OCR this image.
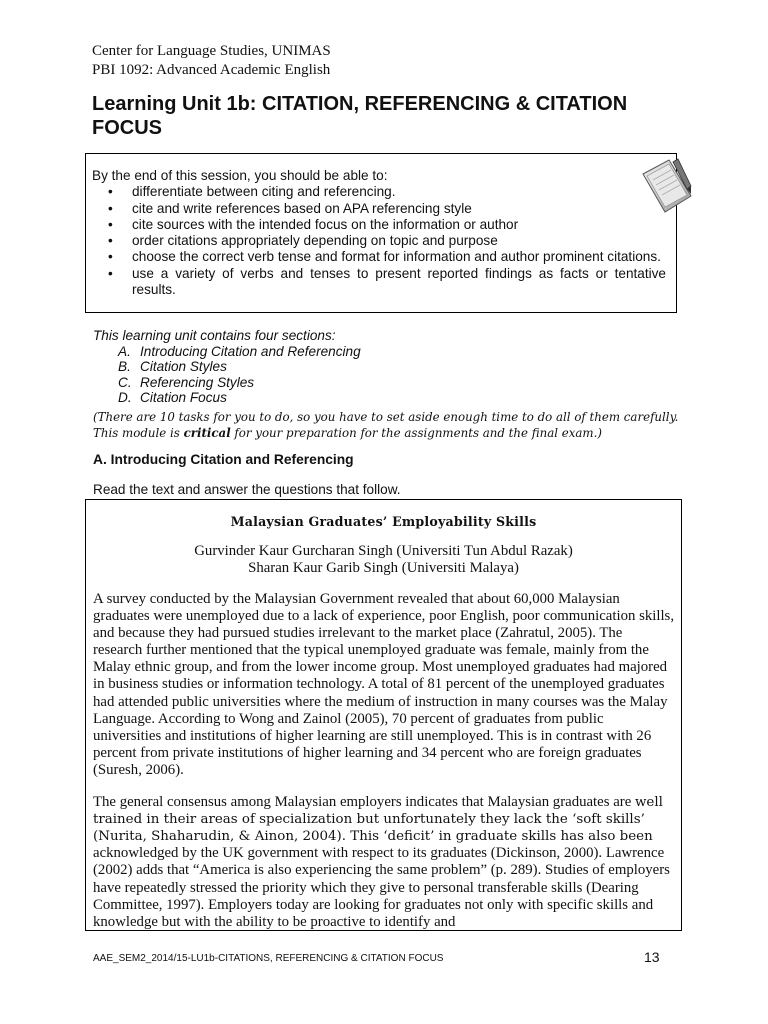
Center for Language Studies, UNIMAS
PBI 1092: Advanced Academic English
Learning Unit 1b: CITATION, REFERENCING & CITATION FOCUS
By the end of this session, you should be able to:
• differentiate between citing and referencing.
• cite and write references based on APA referencing style
• cite sources with the intended focus on the information or author
• order citations appropriately depending on topic and purpose
• choose the correct verb tense and format for information and author prominent citations.
• use a variety of verbs and tenses to present reported findings as facts or tentative results.
This learning unit contains four sections:
A. Introducing Citation and Referencing
B. Citation Styles
C. Referencing Styles
D. Citation Focus
(There are 10 tasks for you to do, so you have to set aside enough time to do all of them carefully.
This module is critical for your preparation for the assignments and the final exam.)
A. Introducing Citation and Referencing
Read the text and answer the questions that follow.
Malaysian Graduates’ Employability Skills
Gurvinder Kaur Gurcharan Singh (Universiti Tun Abdul Razak)
Sharan Kaur Garib Singh (Universiti Malaya)
A survey conducted by the Malaysian Government revealed that about 60,000 Malaysian graduates were unemployed due to a lack of experience, poor English, poor communication skills, and because they had pursued studies irrelevant to the market place (Zahratul, 2005). The research further mentioned that the typical unemployed graduate was female, mainly from the Malay ethnic group, and from the lower income group. Most unemployed graduates had majored in business studies or information technology. A total of 81 percent of the unemployed graduates had attended public universities where the medium of instruction in many courses was the Malay Language. According to Wong and Zainol (2005), 70 percent of graduates from public universities and institutions of higher learning are still unemployed. This is in contrast with 26 percent from private institutions of higher learning and 34 percent who are foreign graduates (Suresh, 2006).
The general consensus among Malaysian employers indicates that Malaysian graduates are well trained in their areas of specialization but unfortunately they lack the ‘soft skills’ (Nurita, Shaharudin, & Ainon, 2004). This ‘deficit’ in graduate skills has also been acknowledged by the UK government with respect to its graduates (Dickinson, 2000). Lawrence (2002) adds that “America is also experiencing the same problem” (p. 289). Studies of employers have repeatedly stressed the priority which they give to personal transferable skills (Dearing Committee, 1997). Employers today are looking for graduates not only with specific skills and knowledge but with the ability to be proactive to identify and
AAE_SEM2_2014/15-LU1b-CITATIONS, REFERENCING & CITATION FOCUS	13
